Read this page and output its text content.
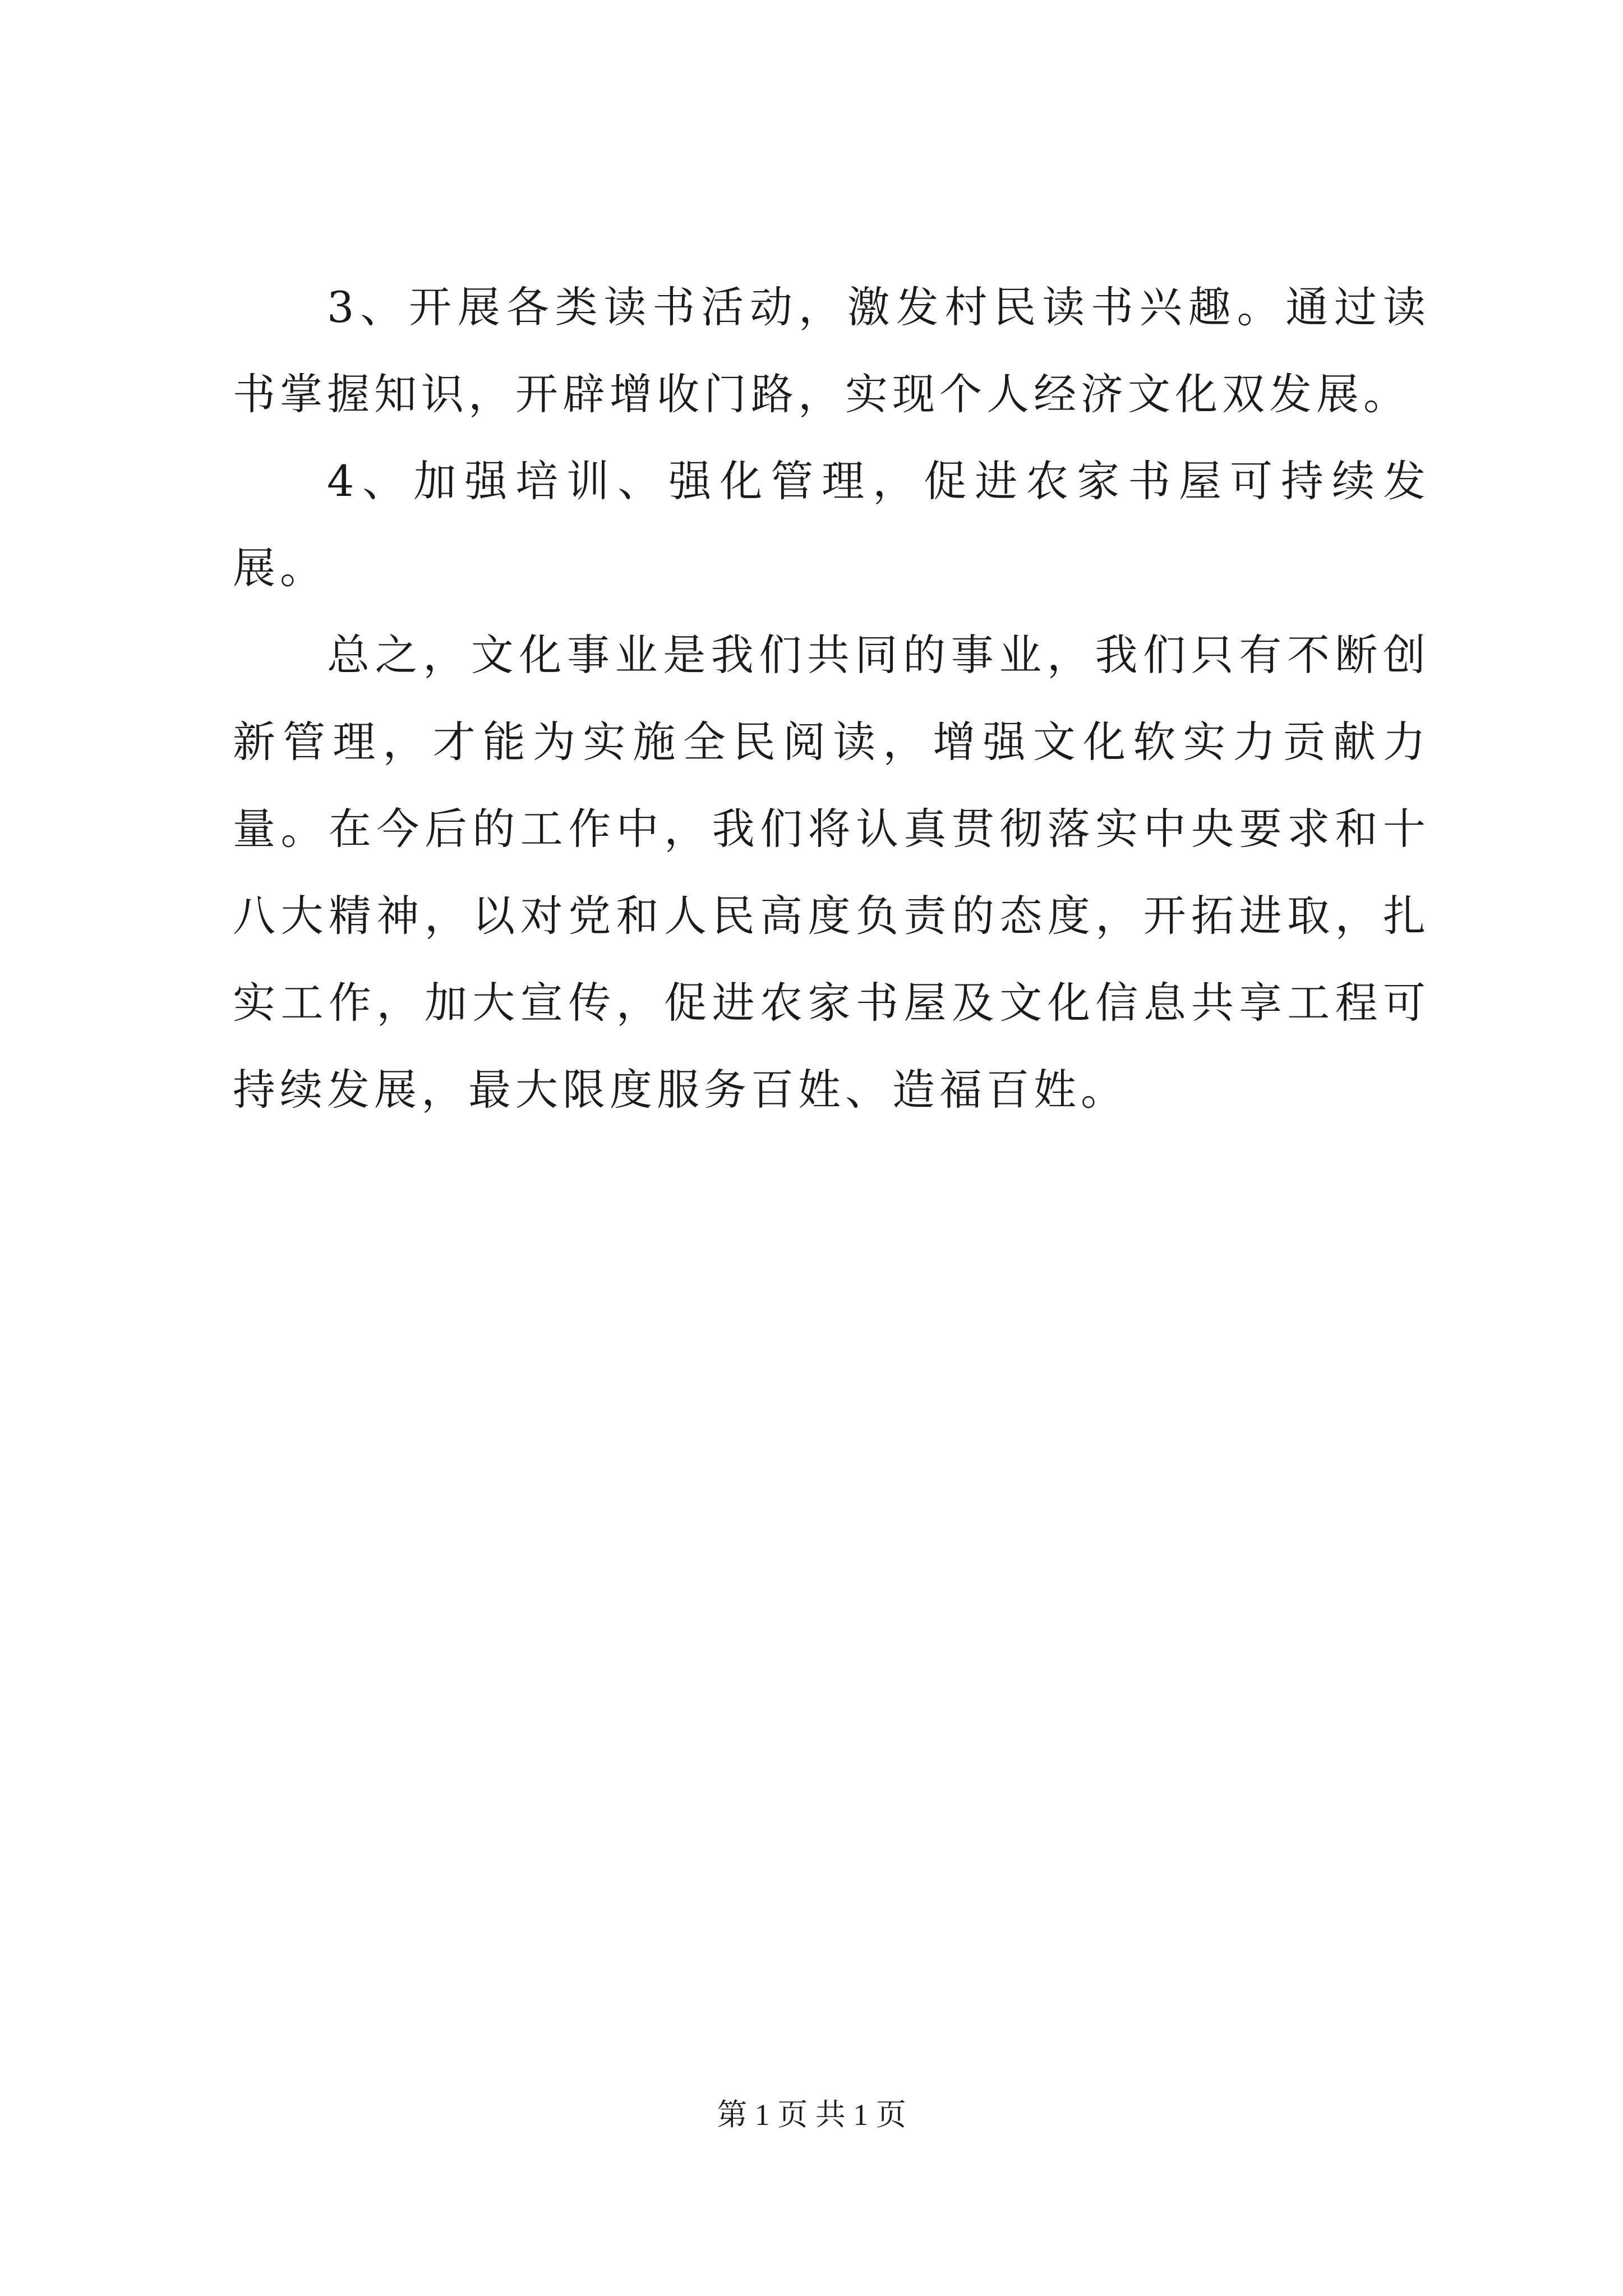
3、开展各类读书活动，激发村民读书兴趣。通过读书掌握知识，开辟增收门路，实现个人经济文化双发展。

4、加强培训、强化管理，促进农家书屋可持续发展。

总之，文化事业是我们共同的事业，我们只有不断创新管理，才能为实施全民阅读，增强文化软实力贡献力量。在今后的工作中，我们将认真贯彻落实中央要求和十八大精神，以对党和人民高度负责的态度，开拓进取，扎实工作，加大宣传，促进农家书屋及文化信息共享工程可持续发展，最大限度服务百姓、造福百姓。

第 1 页 共 1 页
